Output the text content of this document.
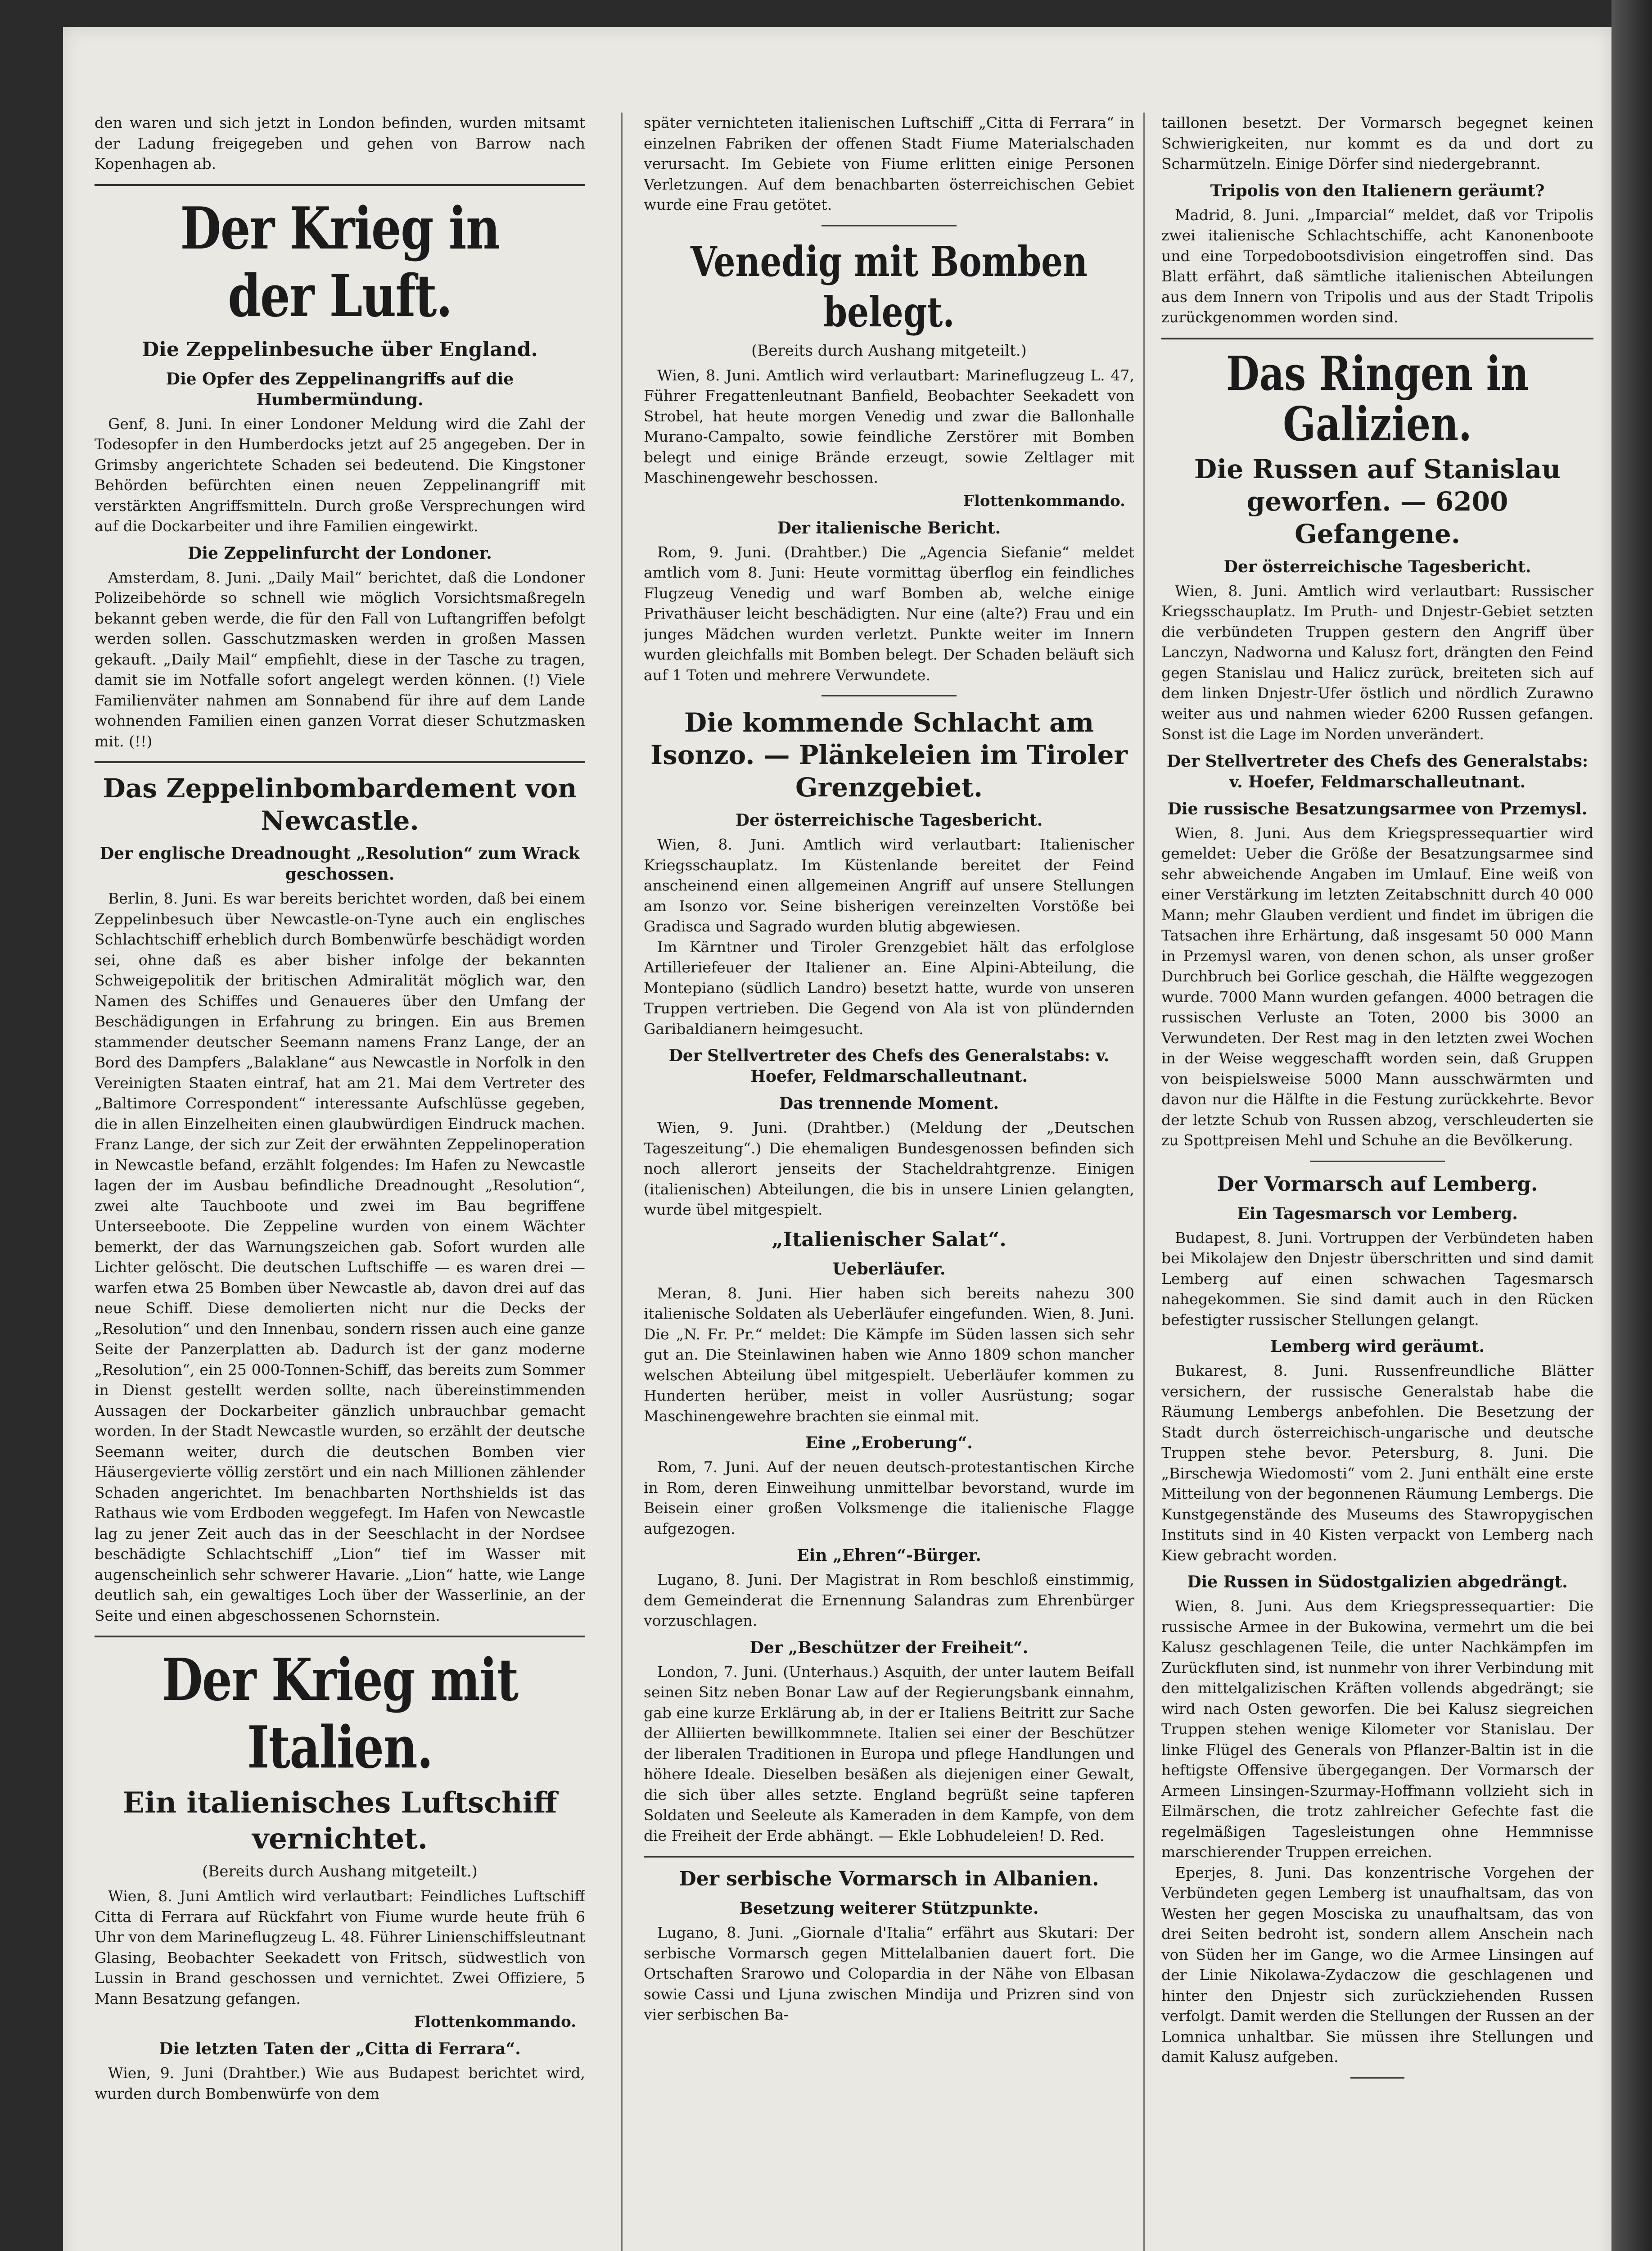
den waren und sich jetzt in London befinden, wurden mitsamt der Ladung freigegeben und gehen von Barrow nach Kopenhagen ab.

Der Krieg in der Luft.
Die Zeppelinbesuche über England.
Die Opfer des Zeppelinangriffs auf die Humbermündung.

Genf, 8. Juni. In einer Londoner Meldung wird die Zahl der Todesopfer in den Humberdocks jetzt auf 25 angegeben. Der in Grimsby angerichtete Schaden sei bedeutend. Die Kingstoner Behörden befürchten einen neuen Zeppelinangriff mit verstärkten Angriffsmitteln. Durch große Versprechungen wird auf die Dockarbeiter und ihre Familien eingewirkt.

Die Zeppelinfurcht der Londoner.

Amsterdam, 8. Juni. „Daily Mail“ berichtet, daß die Londoner Polizeibehörde so schnell wie möglich Vorsichtsmaßregeln bekannt geben werde, die für den Fall von Luftangriffen befolgt werden sollen. Gasschutzmasken werden in großen Massen gekauft. „Daily Mail“ empfiehlt, diese in der Tasche zu tragen, damit sie im Notfalle sofort angelegt werden können. (!) Viele Familienväter nahmen am Sonnabend für ihre auf dem Lande wohnenden Familien einen ganzen Vorrat dieser Schutzmasken mit. (!!)

Das Zeppelinbombardement von Newcastle.
Der englische Dreadnought „Resolution“ zum Wrack geschossen.

Berlin, 8. Juni. Es war bereits berichtet worden, daß bei einem Zeppelinbesuch über Newcastle-on-Tyne auch ein englisches Schlachtschiff erheblich durch Bombenwürfe beschädigt worden sei, ohne daß es aber bisher infolge der bekannten Schweigepolitik der britischen Admiralität möglich war, den Namen des Schiffes und Genaueres über den Umfang der Beschädigungen in Erfahrung zu bringen. Ein aus Bremen stammender deutscher Seemann namens Franz Lange, der an Bord des Dampfers „Balaklane“ aus Newcastle in Norfolk in den Vereinigten Staaten eintraf, hat am 21. Mai dem Vertreter des „Baltimore Correspondent“ interessante Aufschlüsse gegeben, die in allen Einzelheiten einen glaubwürdigen Eindruck machen. Franz Lange, der sich zur Zeit der erwähnten Zeppelinoperation in Newcastle befand, erzählt folgendes: Im Hafen zu Newcastle lagen der im Ausbau befindliche Dreadnought „Resolution“, zwei alte Tauchboote und zwei im Bau begriffene Unterseeboote. Die Zeppeline wurden von einem Wächter bemerkt, der das Warnungszeichen gab. Sofort wurden alle Lichter gelöscht. Die deutschen Luftschiffe — es waren drei — warfen etwa 25 Bomben über Newcastle ab, davon drei auf das neue Schiff. Diese demolierten nicht nur die Decks der „Resolution“ und den Innenbau, sondern rissen auch eine ganze Seite der Panzerplatten ab. Dadurch ist der ganz moderne „Resolution“, ein 25 000-Tonnen-Schiff, das bereits zum Sommer in Dienst gestellt werden sollte, nach übereinstimmenden Aussagen der Dockarbeiter gänzlich unbrauchbar gemacht worden. In der Stadt Newcastle wurden, so erzählt der deutsche Seemann weiter, durch die deutschen Bomben vier Häusergevierte völlig zerstört und ein nach Millionen zählender Schaden angerichtet. Im benachbarten Northshields ist das Rathaus wie vom Erdboden weggefegt. Im Hafen von Newcastle lag zu jener Zeit auch das in der Seeschlacht in der Nordsee beschädigte Schlachtschiff „Lion“ tief im Wasser mit augenscheinlich sehr schwerer Havarie. „Lion“ hatte, wie Lange deutlich sah, ein gewaltiges Loch über der Wasserlinie, an der Seite und einen abgeschossenen Schornstein.

Der Krieg mit Italien.
Ein italienisches Luftschiff vernichtet.
(Bereits durch Aushang mitgeteilt.)

Wien, 8. Juni Amtlich wird verlautbart: Feindliches Luftschiff Citta di Ferrara auf Rückfahrt von Fiume wurde heute früh 6 Uhr von dem Marineflugzeug L. 48. Führer Linienschiffsleutnant Glasing, Beobachter Seekadett von Fritsch, südwestlich von Lussin in Brand geschossen und vernichtet. Zwei Offiziere, 5 Mann Besatzung gefangen.

Flottenkommando.
Die letzten Taten der „Citta di Ferrara“.

Wien, 9. Juni (Drahtber.) Wie aus Budapest berichtet wird, wurden durch Bombenwürfe von dem

später vernichteten italienischen Luftschiff „Citta di Ferrara“ in einzelnen Fabriken der offenen Stadt Fiume Materialschaden verursacht. Im Gebiete von Fiume erlitten einige Personen Verletzungen. Auf dem benachbarten österreichischen Gebiet wurde eine Frau getötet.

Venedig mit Bomben belegt.
(Bereits durch Aushang mitgeteilt.)

Wien, 8. Juni. Amtlich wird verlautbart: Marineflugzeug L. 47, Führer Fregattenleutnant Banfield, Beobachter Seekadett von Strobel, hat heute morgen Venedig und zwar die Ballonhalle Murano-Campalto, sowie feindliche Zerstörer mit Bomben belegt und einige Brände erzeugt, sowie Zeltlager mit Maschinengewehr beschossen.

Flottenkommando.
Der italienische Bericht.

Rom, 9. Juni. (Drahtber.) Die „Agencia Siefanie“ meldet amtlich vom 8. Juni: Heute vormittag überflog ein feindliches Flugzeug Venedig und warf Bomben ab, welche einige Privathäuser leicht beschädigten. Nur eine (alte?) Frau und ein junges Mädchen wurden verletzt. Punkte weiter im Innern wurden gleichfalls mit Bomben belegt. Der Schaden beläuft sich auf 1 Toten und mehrere Verwundete.

Die kommende Schlacht am Isonzo. — Plänkeleien im Tiroler Grenzgebiet.
Der österreichische Tagesbericht.

Wien, 8. Juni. Amtlich wird verlautbart: Italienischer Kriegsschauplatz. Im Küstenlande bereitet der Feind anscheinend einen allgemeinen Angriff auf unsere Stellungen am Isonzo vor. Seine bisherigen vereinzelten Vorstöße bei Gradisca und Sagrado wurden blutig abgewiesen.

Im Kärntner und Tiroler Grenzgebiet hält das erfolglose Artilleriefeuer der Italiener an. Eine Alpini-Abteilung, die Montepiano (südlich Landro) besetzt hatte, wurde von unseren Truppen vertrieben. Die Gegend von Ala ist von plündernden Garibaldianern heimgesucht.

Der Stellvertreter des Chefs des Generalstabs: v. Hoefer, Feldmarschalleutnant.
Das trennende Moment.

Wien, 9. Juni. (Drahtber.) (Meldung der „Deutschen Tageszeitung“.) Die ehemaligen Bundesgenossen befinden sich noch allerort jenseits der Stacheldrahtgrenze. Einigen (italienischen) Abteilungen, die bis in unsere Linien gelangten, wurde übel mitgespielt.

„Italienischer Salat“.
Ueberläufer.

Meran, 8. Juni. Hier haben sich bereits nahezu 300 italienische Soldaten als Ueberläufer eingefunden. Wien, 8. Juni. Die „N. Fr. Pr.“ meldet: Die Kämpfe im Süden lassen sich sehr gut an. Die Steinlawinen haben wie Anno 1809 schon mancher welschen Abteilung übel mitgespielt. Ueberläufer kommen zu Hunderten herüber, meist in voller Ausrüstung; sogar Maschinengewehre brachten sie einmal mit.

Eine „Eroberung“.

Rom, 7. Juni. Auf der neuen deutsch-protestantischen Kirche in Rom, deren Einweihung unmittelbar bevorstand, wurde im Beisein einer großen Volksmenge die italienische Flagge aufgezogen.

Ein „Ehren“-Bürger.

Lugano, 8. Juni. Der Magistrat in Rom beschloß einstimmig, dem Gemeinderat die Ernennung Salandras zum Ehrenbürger vorzuschlagen.

Der „Beschützer der Freiheit“.

London, 7. Juni. (Unterhaus.) Asquith, der unter lautem Beifall seinen Sitz neben Bonar Law auf der Regierungsbank einnahm, gab eine kurze Erklärung ab, in der er Italiens Beitritt zur Sache der Alliierten bewillkommnete. Italien sei einer der Beschützer der liberalen Traditionen in Europa und pflege Handlungen und höhere Ideale. Dieselben besäßen als diejenigen einer Gewalt, die sich über alles setzte. England begrüßt seine tapferen Soldaten und Seeleute als Kameraden in dem Kampfe, von dem die Freiheit der Erde abhängt. — Ekle Lobhudeleien! D. Red.

Der serbische Vormarsch in Albanien.
Besetzung weiterer Stützpunkte.

Lugano, 8. Juni. „Giornale d'Italia“ erfährt aus Skutari: Der serbische Vormarsch gegen Mittelalbanien dauert fort. Die Ortschaften Srarowo und Colopardia in der Nähe von Elbasan sowie Cassi und Ljuna zwischen Mindija und Prizren sind von vier serbischen Ba-

taillonen besetzt. Der Vormarsch begegnet keinen Schwierigkeiten, nur kommt es da und dort zu Scharmützeln. Einige Dörfer sind niedergebrannt.

Tripolis von den Italienern geräumt?

Madrid, 8. Juni. „Imparcial“ meldet, daß vor Tripolis zwei italienische Schlachtschiffe, acht Kanonenboote und eine Torpedobootsdivision eingetroffen sind. Das Blatt erfährt, daß sämtliche italienischen Abteilungen aus dem Innern von Tripolis und aus der Stadt Tripolis zurückgenommen worden sind.

Das Ringen in Galizien.
Die Russen auf Stanislau geworfen. — 6200 Gefangene.
Der österreichische Tagesbericht.

Wien, 8. Juni. Amtlich wird verlautbart: Russischer Kriegsschauplatz. Im Pruth- und Dnjestr-Gebiet setzten die verbündeten Truppen gestern den Angriff über Lanczyn, Nadworna und Kalusz fort, drängten den Feind gegen Stanislau und Halicz zurück, breiteten sich auf dem linken Dnjestr-Ufer östlich und nördlich Zurawno weiter aus und nahmen wieder 6200 Russen gefangen. Sonst ist die Lage im Norden unverändert.

Der Stellvertreter des Chefs des Generalstabs: v. Hoefer, Feldmarschalleutnant.
Die russische Besatzungsarmee von Przemysl.

Wien, 8. Juni. Aus dem Kriegspressequartier wird gemeldet: Ueber die Größe der Besatzungsarmee sind sehr abweichende Angaben im Umlauf. Eine weiß von einer Verstärkung im letzten Zeitabschnitt durch 40 000 Mann; mehr Glauben verdient und findet im übrigen die Tatsachen ihre Erhärtung, daß insgesamt 50 000 Mann in Przemysl waren, von denen schon, als unser großer Durchbruch bei Gorlice geschah, die Hälfte weggezogen wurde. 7000 Mann wurden gefangen. 4000 betragen die russischen Verluste an Toten, 2000 bis 3000 an Verwundeten. Der Rest mag in den letzten zwei Wochen in der Weise weggeschafft worden sein, daß Gruppen von beispielsweise 5000 Mann ausschwärmten und davon nur die Hälfte in die Festung zurückkehrte. Bevor der letzte Schub von Russen abzog, verschleuderten sie zu Spottpreisen Mehl und Schuhe an die Bevölkerung.

Der Vormarsch auf Lemberg.
Ein Tagesmarsch vor Lemberg.

Budapest, 8. Juni. Vortruppen der Verbündeten haben bei Mikolajew den Dnjestr überschritten und sind damit Lemberg auf einen schwachen Tagesmarsch nahegekommen. Sie sind damit auch in den Rücken befestigter russischer Stellungen gelangt.

Lemberg wird geräumt.

Bukarest, 8. Juni. Russenfreundliche Blätter versichern, der russische Generalstab habe die Räumung Lembergs anbefohlen. Die Besetzung der Stadt durch österreichisch-ungarische und deutsche Truppen stehe bevor. Petersburg, 8. Juni. Die „Birschewja Wiedomosti“ vom 2. Juni enthält eine erste Mitteilung von der begonnenen Räumung Lembergs. Die Kunstgegenstände des Museums des Stawropygischen Instituts sind in 40 Kisten verpackt von Lemberg nach Kiew gebracht worden.

Die Russen in Südostgalizien abgedrängt.

Wien, 8. Juni. Aus dem Kriegspressequartier: Die russische Armee in der Bukowina, vermehrt um die bei Kalusz geschlagenen Teile, die unter Nachkämpfen im Zurückfluten sind, ist nunmehr von ihrer Verbindung mit den mittelgalizischen Kräften vollends abgedrängt; sie wird nach Osten geworfen. Die bei Kalusz siegreichen Truppen stehen wenige Kilometer vor Stanislau. Der linke Flügel des Generals von Pflanzer-Baltin ist in die heftigste Offensive übergegangen. Der Vormarsch der Armeen Linsingen-Szurmay-Hoffmann vollzieht sich in Eilmärschen, die trotz zahlreicher Gefechte fast die regelmäßigen Tagesleistungen ohne Hemmnisse marschierender Truppen erreichen.

Eperjes, 8. Juni. Das konzentrische Vorgehen der Verbündeten gegen Lemberg ist unaufhaltsam, das von Westen her gegen Mosciska zu unaufhaltsam, das von drei Seiten bedroht ist, sondern allem Anschein nach von Süden her im Gange, wo die Armee Linsingen auf der Linie Nikolawa-Zydaczow die geschlagenen und hinter den Dnjestr sich zurückziehenden Russen verfolgt. Damit werden die Stellungen der Russen an der Lomnica unhaltbar. Sie müssen ihre Stellungen und damit Kalusz aufgeben.
